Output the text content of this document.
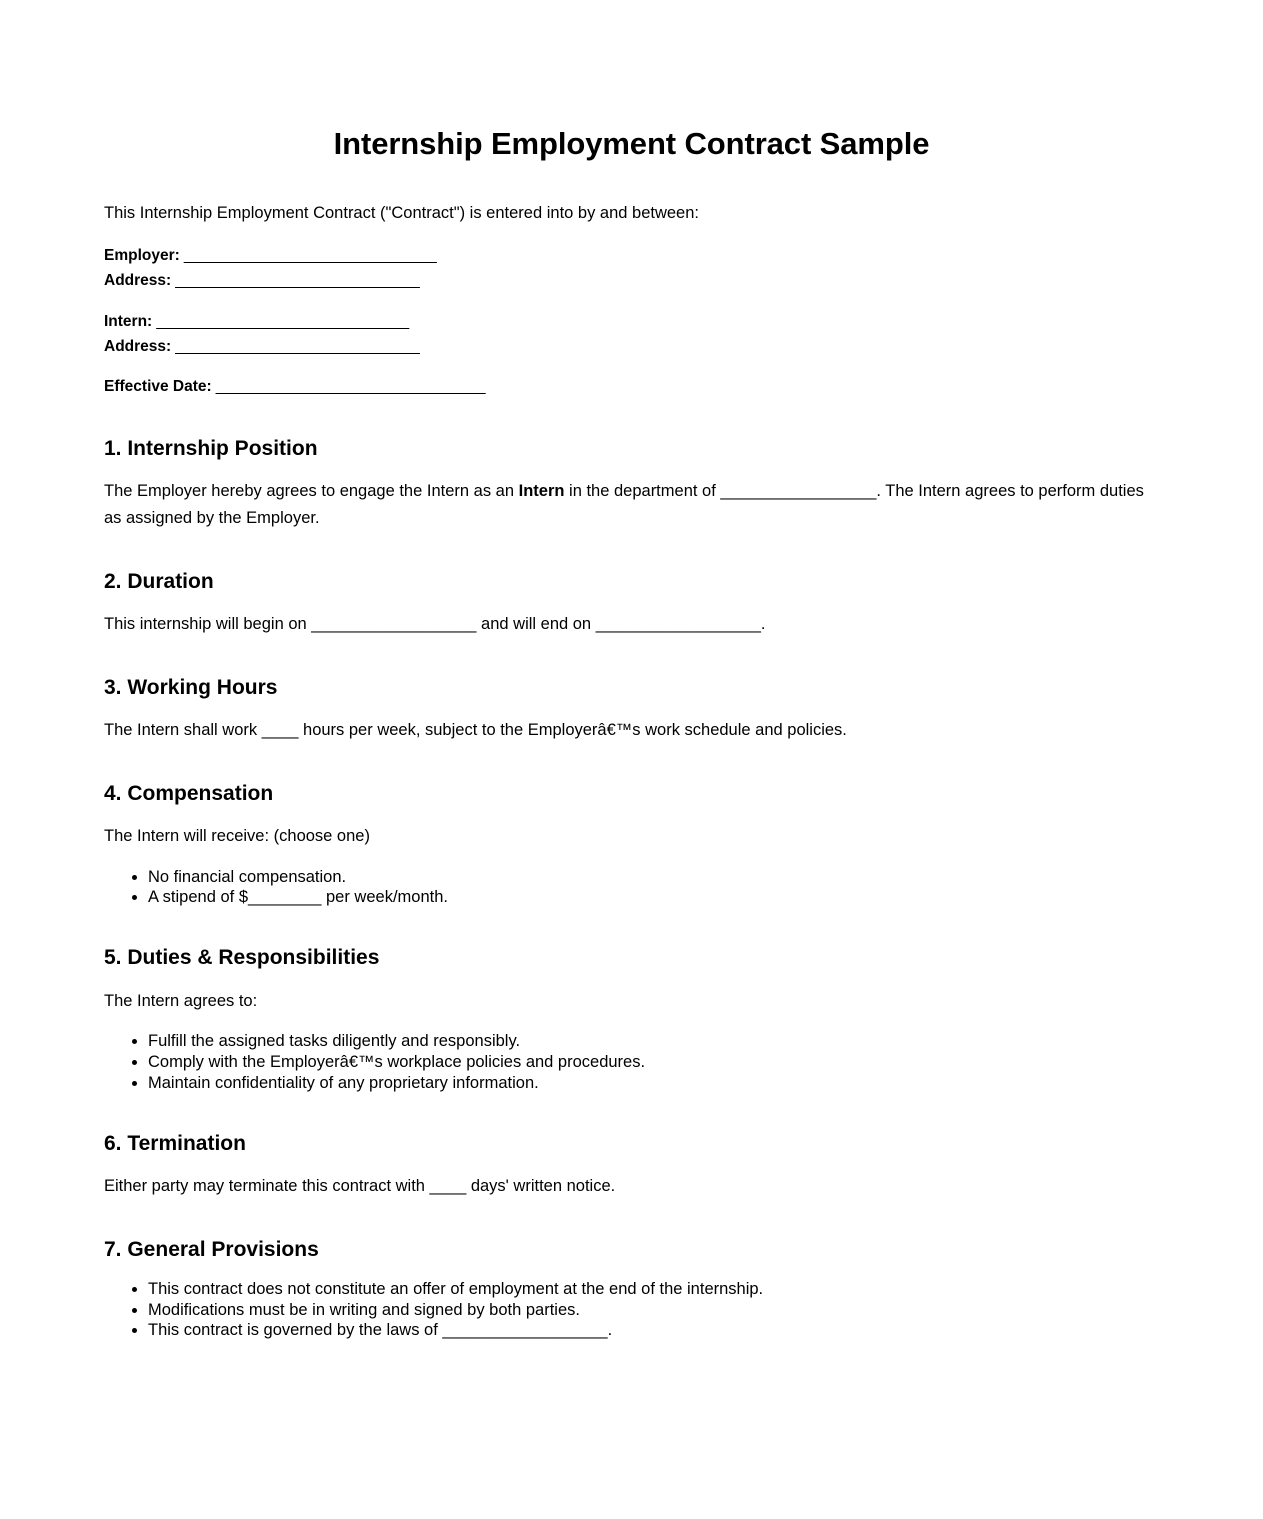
Internship Employment Contract Sample

This Internship Employment Contract ("Contract") is entered into by and between:

Employer: ______________________________

Address: _____________________________

Intern: ______________________________

Address: _____________________________

Effective Date: ________________________________

1. Internship Position

The Employer hereby agrees to engage the Intern as an Intern in the department of _________________. The Intern agrees to perform duties as assigned by the Employer.

2. Duration

This internship will begin on __________________ and will end on __________________.

3. Working Hours

The Intern shall work ____ hours per week, subject to the Employerâ€™s work schedule and policies.

4. Compensation

The Intern will receive: (choose one)

• No financial compensation.
• A stipend of $________ per week/month.
5. Duties & Responsibilities

The Intern agrees to:

• Fulfill the assigned tasks diligently and responsibly.
• Comply with the Employerâ€™s workplace policies and procedures.
• Maintain confidentiality of any proprietary information.
6. Termination

Either party may terminate this contract with ____ days' written notice.

7. General Provisions
• This contract does not constitute an offer of employment at the end of the internship.
• Modifications must be in writing and signed by both parties.
• This contract is governed by the laws of __________________.
